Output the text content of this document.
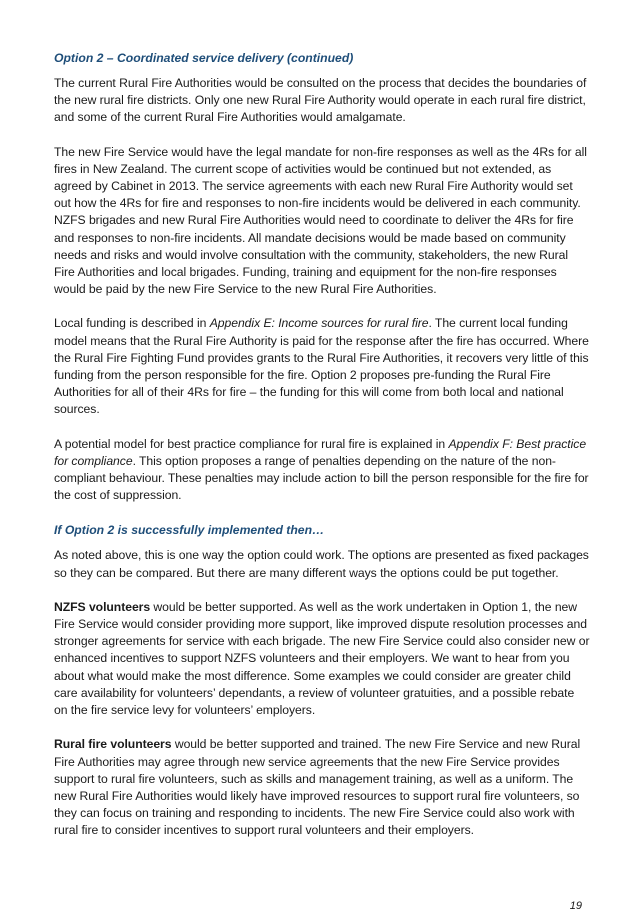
Option 2 – Coordinated service delivery (continued)

The current Rural Fire Authorities would be consulted on the process that decides the boundaries of the new rural fire districts. Only one new Rural Fire Authority would operate in each rural fire district, and some of the current Rural Fire Authorities would amalgamate.

The new Fire Service would have the legal mandate for non-fire responses as well as the 4Rs for all fires in New Zealand. The current scope of activities would be continued but not extended, as agreed by Cabinet in 2013. The service agreements with each new Rural Fire Authority would set out how the 4Rs for fire and responses to non-fire incidents would be delivered in each community. NZFS brigades and new Rural Fire Authorities would need to coordinate to deliver the 4Rs for fire and responses to non-fire incidents. All mandate decisions would be made based on community needs and risks and would involve consultation with the community, stakeholders, the new Rural Fire Authorities and local brigades. Funding, training and equipment for the non-fire responses would be paid by the new Fire Service to the new Rural Fire Authorities.

Local funding is described in Appendix E: Income sources for rural fire. The current local funding model means that the Rural Fire Authority is paid for the response after the fire has occurred. Where the Rural Fire Fighting Fund provides grants to the Rural Fire Authorities, it recovers very little of this funding from the person responsible for the fire. Option 2 proposes pre-funding the Rural Fire Authorities for all of their 4Rs for fire – the funding for this will come from both local and national sources.

A potential model for best practice compliance for rural fire is explained in Appendix F: Best practice for compliance. This option proposes a range of penalties depending on the nature of the non-compliant behaviour. These penalties may include action to bill the person responsible for the fire for the cost of suppression.

If Option 2 is successfully implemented then…

As noted above, this is one way the option could work. The options are presented as fixed packages so they can be compared. But there are many different ways the options could be put together.

NZFS volunteers would be better supported. As well as the work undertaken in Option 1, the new Fire Service would consider providing more support, like improved dispute resolution processes and stronger agreements for service with each brigade. The new Fire Service could also consider new or enhanced incentives to support NZFS volunteers and their employers. We want to hear from you about what would make the most difference. Some examples we could consider are greater child care availability for volunteers’ dependants, a review of volunteer gratuities, and a possible rebate on the fire service levy for volunteers’ employers.

Rural fire volunteers would be better supported and trained. The new Fire Service and new Rural Fire Authorities may agree through new service agreements that the new Fire Service provides support to rural fire volunteers, such as skills and management training, as well as a uniform. The new Rural Fire Authorities would likely have improved resources to support rural fire volunteers, so they can focus on training and responding to incidents. The new Fire Service could also work with rural fire to consider incentives to support rural volunteers and their employers.

19
